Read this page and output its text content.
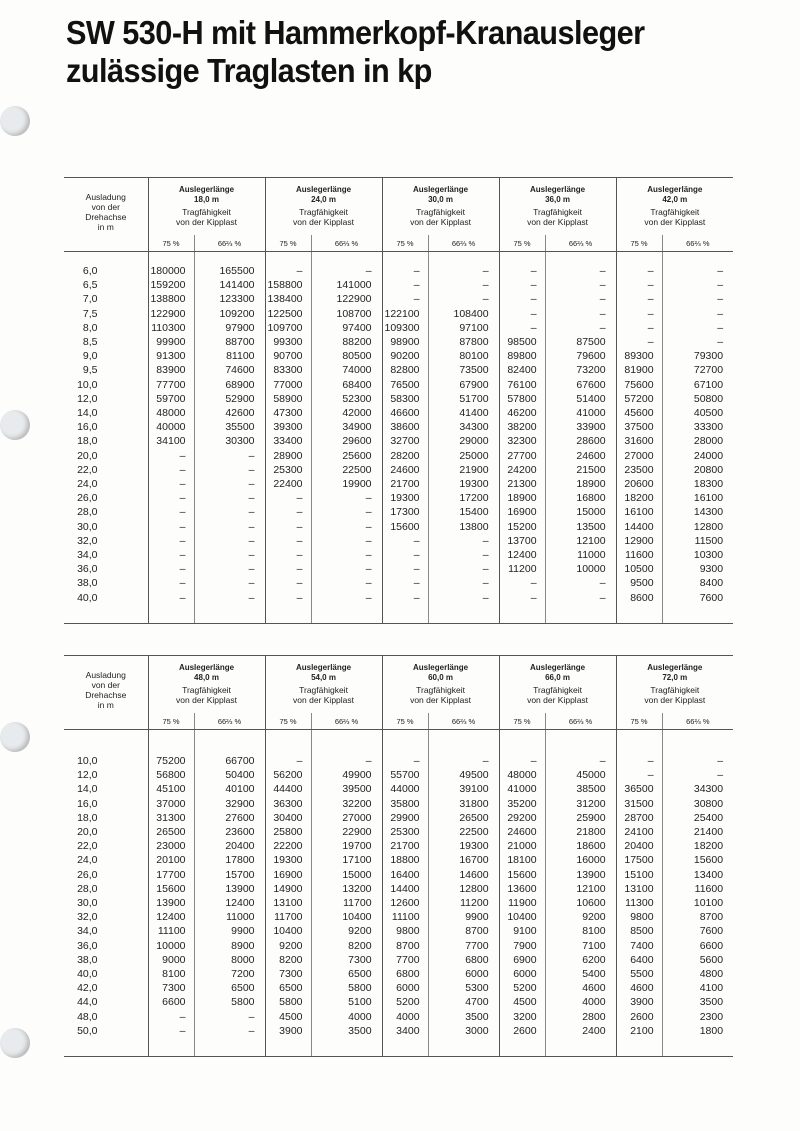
SW 530-H mit Hammerkopf-Kranausleger
zulässige Traglasten in kp
Ausladung
von der
Drehachse
in m	Auslegerlänge
18,0 m
Tragfähigkeit
von der Kipplast		Auslegerlänge
24,0 m
Tragfähigkeit
von der Kipplast		Auslegerlänge
30,0 m
Tragfähigkeit
von der Kipplast		Auslegerlänge
36,0 m
Tragfähigkeit
von der Kipplast		Auslegerlänge
42,0 m
Tragfähigkeit
von der Kipplast	

	75 %	66⅔ %	75 %	66⅔ %	75 %	66⅔ %	75 %	66⅔ %	75 %	66⅔ %

6,0	180000	165500	–	–	–	–	–	–	–	–
6,5	159200	141400	158800	141000	–	–	–	–	–	–
7,0	138800	123300	138400	122900	–	–	–	–	–	–
7,5	122900	109200	122500	108700	122100	108400	–	–	–	–
8,0	110300	97900	109700	97400	109300	97100	–	–	–	–
8,5	99900	88700	99300	88200	98900	87800	98500	87500	–	–
9,0	91300	81100	90700	80500	90200	80100	89800	79600	89300	79300
9,5	83900	74600	83300	74000	82800	73500	82400	73200	81900	72700
10,0	77700	68900	77000	68400	76500	67900	76100	67600	75600	67100
12,0	59700	52900	58900	52300	58300	51700	57800	51400	57200	50800
14,0	48000	42600	47300	42000	46600	41400	46200	41000	45600	40500
16,0	40000	35500	39300	34900	38600	34300	38200	33900	37500	33300
18,0	34100	30300	33400	29600	32700	29000	32300	28600	31600	28000
20,0	–	–	28900	25600	28200	25000	27700	24600	27000	24000
22,0	–	–	25300	22500	24600	21900	24200	21500	23500	20800
24,0	–	–	22400	19900	21700	19300	21300	18900	20600	18300
26,0	–	–	–	–	19300	17200	18900	16800	18200	16100
28,0	–	–	–	–	17300	15400	16900	15000	16100	14300
30,0	–	–	–	–	15600	13800	15200	13500	14400	12800
32,0	–	–	–	–	–	–	13700	12100	12900	11500
34,0	–	–	–	–	–	–	12400	11000	11600	10300
36,0	–	–	–	–	–	–	11200	10000	10500	9300
38,0	–	–	–	–	–	–	–	–	9500	8400
40,0	–	–	–	–	–	–	–	–	8600	7600

Ausladung
von der
Drehachse
in m	Auslegerlänge
48,0 m
Tragfähigkeit
von der Kipplast		Auslegerlänge
54,0 m
Tragfähigkeit
von der Kipplast		Auslegerlänge
60,0 m
Tragfähigkeit
von der Kipplast		Auslegerlänge
66,0 m
Tragfähigkeit
von der Kipplast		Auslegerlänge
72,0 m
Tragfähigkeit
von der Kipplast	

	75 %	66⅔ %	75 %	66⅔ %	75 %	66⅔ %	75 %	66⅔ %	75 %	66⅔ %

10,0	75200	66700	–	–	–	–	–	–	–	–
12,0	56800	50400	56200	49900	55700	49500	48000	45000	–	–
14,0	45100	40100	44400	39500	44000	39100	41000	38500	36500	34300
16,0	37000	32900	36300	32200	35800	31800	35200	31200	31500	30800
18,0	31300	27600	30400	27000	29900	26500	29200	25900	28700	25400
20,0	26500	23600	25800	22900	25300	22500	24600	21800	24100	21400
22,0	23000	20400	22200	19700	21700	19300	21000	18600	20400	18200
24,0	20100	17800	19300	17100	18800	16700	18100	16000	17500	15600
26,0	17700	15700	16900	15000	16400	14600	15600	13900	15100	13400
28,0	15600	13900	14900	13200	14400	12800	13600	12100	13100	11600
30,0	13900	12400	13100	11700	12600	11200	11900	10600	11300	10100
32,0	12400	11000	11700	10400	11100	9900	10400	9200	9800	8700
34,0	11100	9900	10400	9200	9800	8700	9100	8100	8500	7600
36,0	10000	8900	9200	8200	8700	7700	7900	7100	7400	6600
38,0	9000	8000	8200	7300	7700	6800	6900	6200	6400	5600
40,0	8100	7200	7300	6500	6800	6000	6000	5400	5500	4800
42,0	7300	6500	6500	5800	6000	5300	5200	4600	4600	4100
44,0	6600	5800	5800	5100	5200	4700	4500	4000	3900	3500
48,0	–	–	4500	4000	4000	3500	3200	2800	2600	2300
50,0	–	–	3900	3500	3400	3000	2600	2400	2100	1800
